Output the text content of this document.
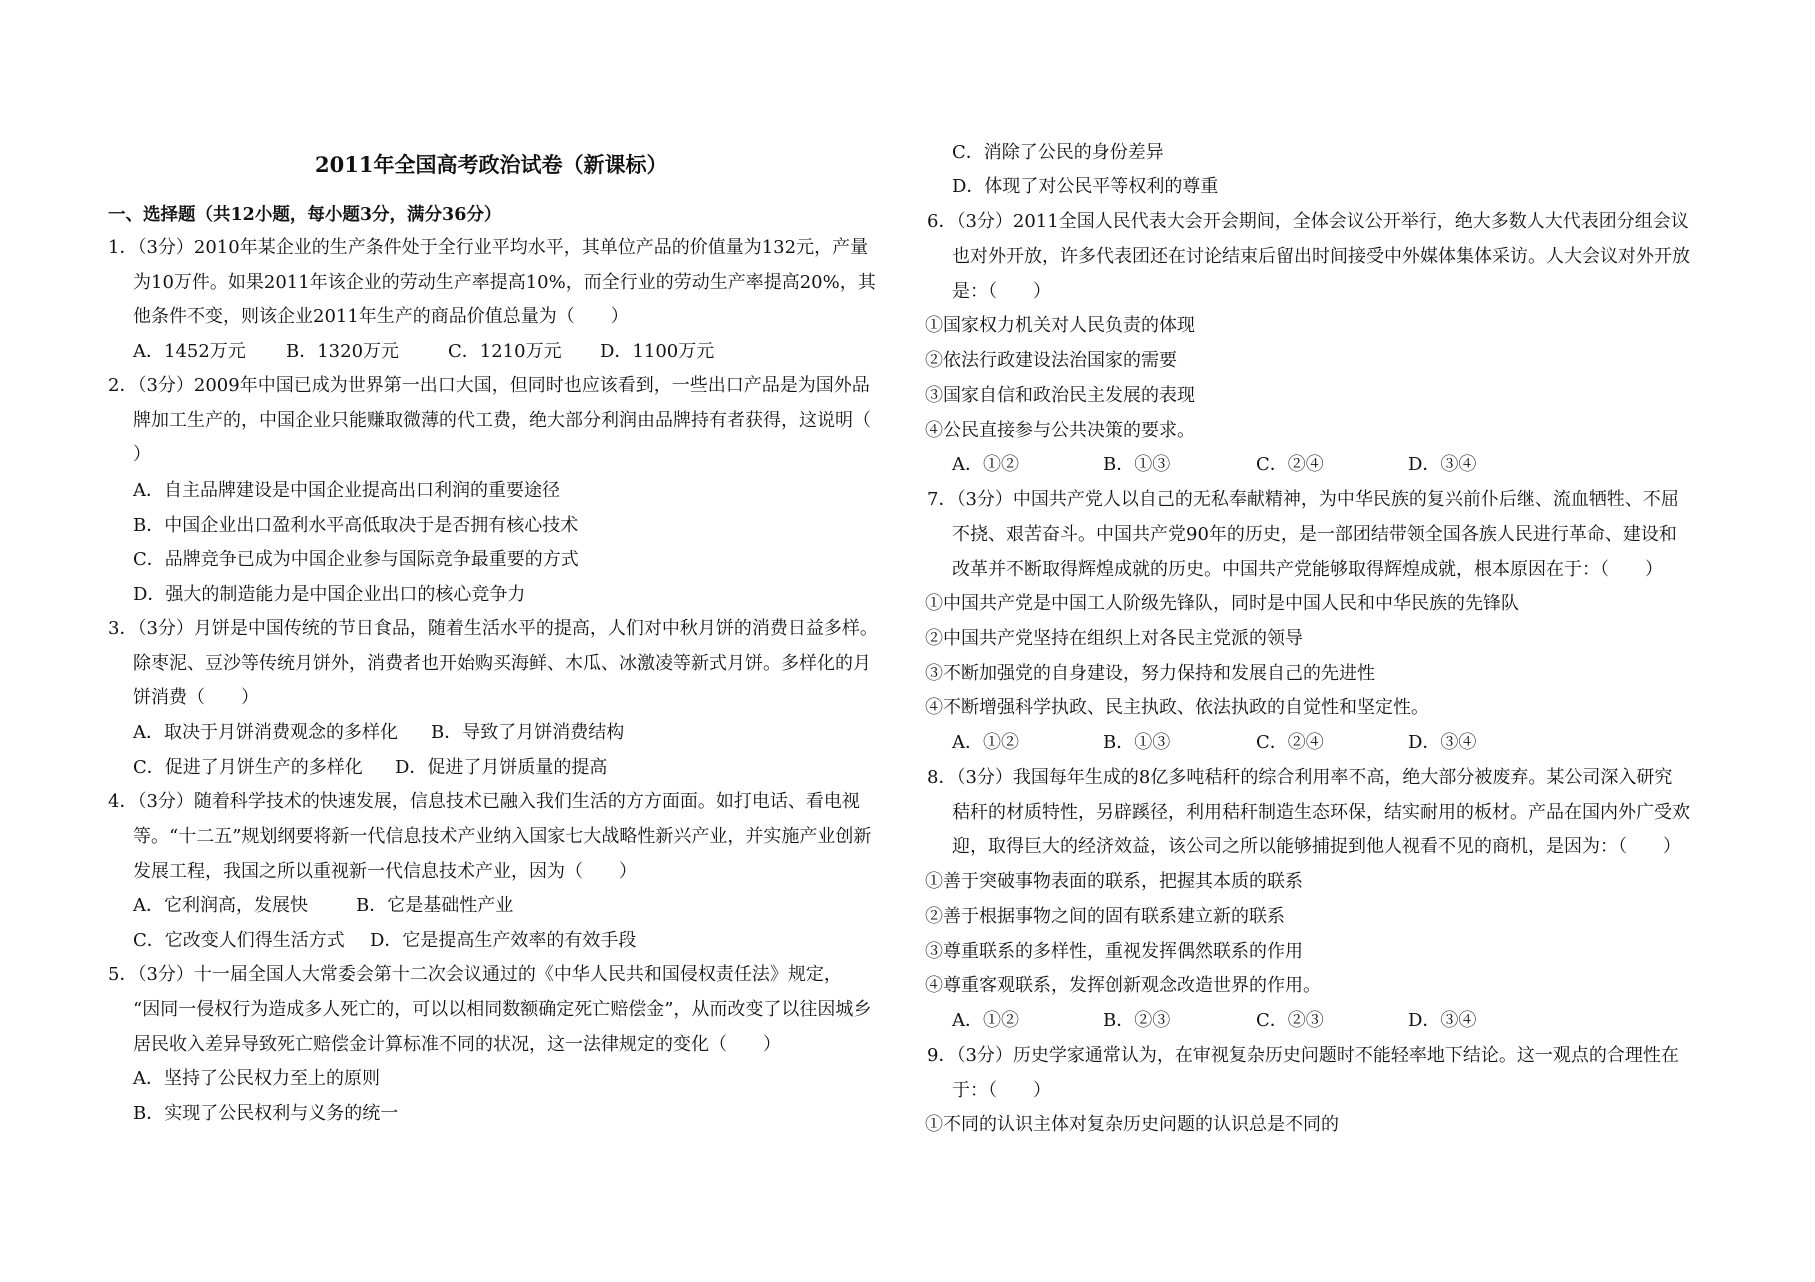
2011年全国高考政治试卷（新课标）
一、选择题（共12小题，每小题3分，满分36分）
1．（3分）2010年某企业的生产条件处于全行业平均水平，其单位产品的价值量为132元，产量
为10万件。如果2011年该企业的劳动生产率提高10%，而全行业的劳动生产率提高20%，其
他条件不变，则该企业2011年生产的商品价值总量为（　　）
A．1452万元 B．1320万元	C．1210万元 D．1100万元
2．（3分）2009年中国已成为世界第一出口大国，但同时也应该看到，一些出口产品是为国外品
牌加工生产的，中国企业只能赚取微薄的代工费，绝大部分利润由品牌持有者获得，这说明（
）
A．自主品牌建设是中国企业提高出口利润的重要途径
B．中国企业出口盈利水平高低取决于是否拥有核心技术
C．品牌竞争已成为中国企业参与国际竞争最重要的方式
D．强大的制造能力是中国企业出口的核心竞争力
3．（3分）月饼是中国传统的节日食品，随着生活水平的提高，人们对中秋月饼的消费日益多样。
除枣泥、豆沙等传统月饼外，消费者也开始购买海鲜、木瓜、冰激凌等新式月饼。多样化的月
饼消费（　　）
A．取决于月饼消费观念的多样化 B．导致了月饼消费结构
C．促进了月饼生产的多样化 D．促进了月饼质量的提高
4．（3分）随着科学技术的快速发展，信息技术已融入我们生活的方方面面。如打电话、看电视
等。“十二五”规划纲要将新一代信息技术产业纳入国家七大战略性新兴产业，并实施产业创新
发展工程，我国之所以重视新一代信息技术产业，因为（　　）
A．它利润高，发展快	B．它是基础性产业
C．它改变人们得生活方式 D．它是提高生产效率的有效手段
5．（3分）十一届全国人大常委会第十二次会议通过的《中华人民共和国侵权责任法》规定，
“因同一侵权行为造成多人死亡的，可以以相同数额确定死亡赔偿金”，从而改变了以往因城乡
居民收入差异导致死亡赔偿金计算标准不同的状况，这一法律规定的变化（　　）
A．坚持了公民权力至上的原则
B．实现了公民权利与义务的统一
C．消除了公民的身份差异
D．体现了对公民平等权利的尊重
6．（3分）2011全国人民代表大会开会期间，全体会议公开举行，绝大多数人大代表团分组会议
也对外开放，许多代表团还在讨论结束后留出时间接受中外媒体集体采访。人大会议对外开放
是：（　　）
①国家权力机关对人民负责的体现
②依法行政建设法治国家的需要
③国家自信和政治民主发展的表现
④公民直接参与公共决策的要求。
A．①②	B．①③	C．②④	D．③④
7．（3分）中国共产党人以自己的无私奉献精神，为中华民族的复兴前仆后继、流血牺牲、不屈
不挠、艰苦奋斗。中国共产党90年的历史，是一部团结带领全国各族人民进行革命、建设和
改革并不断取得辉煌成就的历史。中国共产党能够取得辉煌成就，根本原因在于：（　　）
①中国共产党是中国工人阶级先锋队，同时是中国人民和中华民族的先锋队
②中国共产党坚持在组织上对各民主党派的领导
③不断加强党的自身建设，努力保持和发展自己的先进性
④不断增强科学执政、民主执政、依法执政的自觉性和坚定性。
A．①②	B．①③	C．②④	D．③④
8．（3分）我国每年生成的8亿多吨秸秆的综合利用率不高，绝大部分被废弃。某公司深入研究
秸秆的材质特性，另辟蹊径，利用秸秆制造生态环保，结实耐用的板材。产品在国内外广受欢
迎，取得巨大的经济效益，该公司之所以能够捕捉到他人视看不见的商机，是因为：（　　）
①善于突破事物表面的联系，把握其本质的联系
②善于根据事物之间的固有联系建立新的联系
③尊重联系的多样性，重视发挥偶然联系的作用
④尊重客观联系，发挥创新观念改造世界的作用。
A．①②	B．②③	C．②③	D．③④
9．（3分）历史学家通常认为，在审视复杂历史问题时不能轻率地下结论。这一观点的合理性在
于：（　　）
①不同的认识主体对复杂历史问题的认识总是不同的
